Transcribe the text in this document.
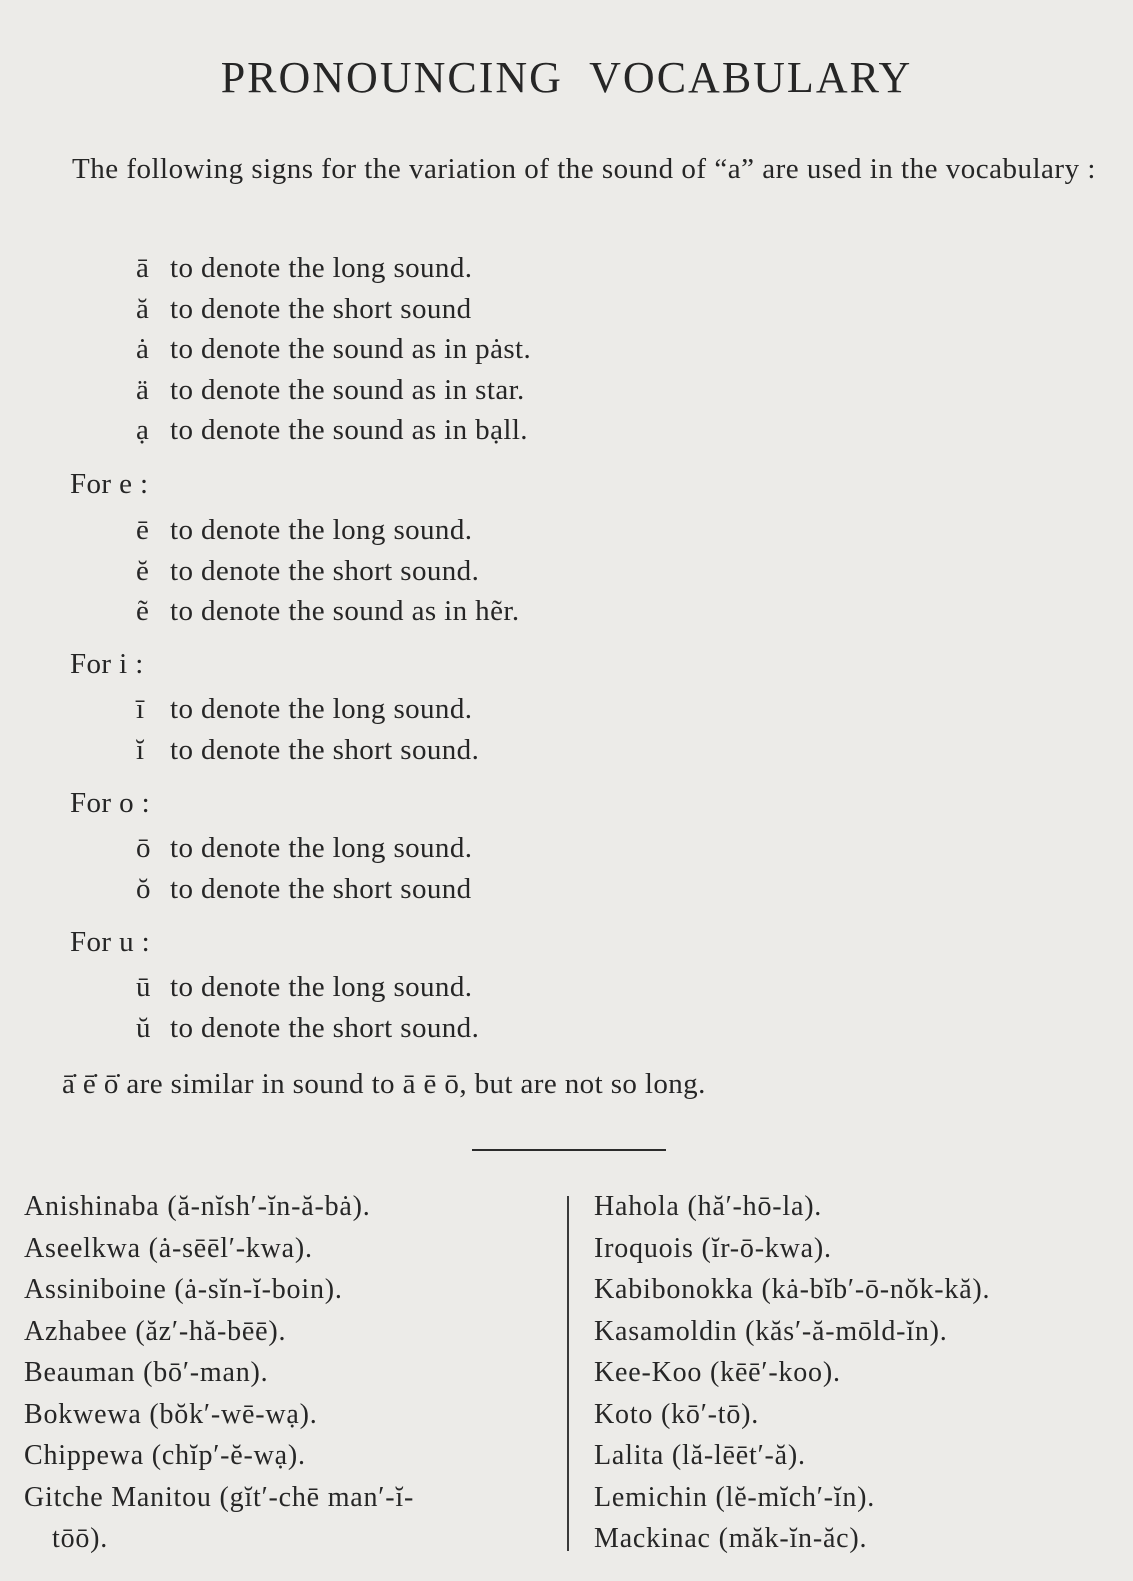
PRONOUNCING VOCABULARY
The following signs for the variation of the sound of “a” are used in the vocabulary :
ā to denote the long sound.
ă to denote the short sound
ȧ to denote the sound as in pȧst.
ä to denote the sound as in star.
ạ to denote the sound as in bạll.
For e :
ē to denote the long sound.
ĕ to denote the short sound.
ẽ to denote the sound as in hẽr.
For i :
ī to denote the long sound.
ĭ to denote the short sound.
For o :
ō to denote the long sound.
ŏ to denote the short sound
For u :
ū to denote the long sound.
ŭ to denote the short sound.
ā̇ ē̇ ō̇ are similar in sound to ā ē ō, but are not so long.
Anishinaba (ă-nĭsh′-ĭn-ă-bȧ).
Aseelkwa (ȧ-sēēl′-kwa).
Assiniboine (ȧ-sĭn-ĭ-boin).
Azhabee (ăz′-hă-bēē).
Beauman (bō′-man).
Bokwewa (bŏk′-wē-wạ).
Chippewa (chĭp′-ĕ-wạ).
Gitche Manitou (gĭt′-chē man′-ĭ-tōō).
Hahola (hă′-hō-la).
Iroquois (ĭr-ō-kwa).
Kabibonokka (kȧ-bĭb′-ō-nŏk-kă).
Kasamoldin (kăs′-ă-mōld-ĭn).
Kee-Koo (kēē′-koo).
Koto (kō′-tō).
Lalita (lă-lēēt′-ă).
Lemichin (lĕ-mĭch′-ĭn).
Mackinac (măk-ĭn-ăc).
